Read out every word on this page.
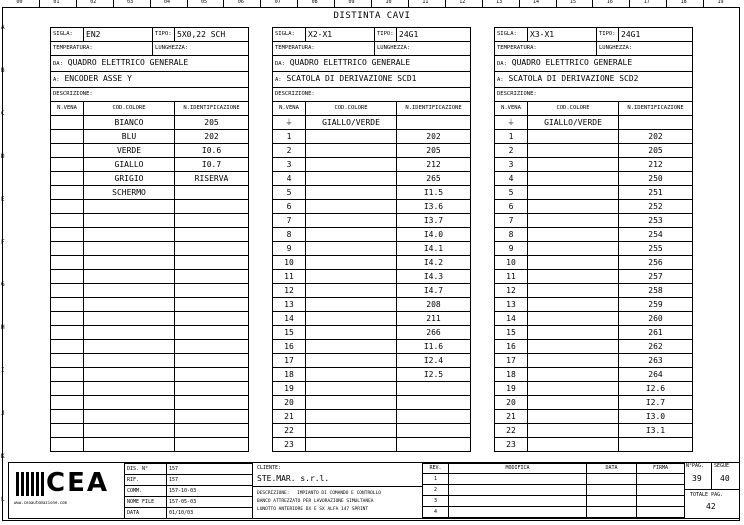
00	01	02	03	04	05	06	07	08	09	10	11	12	13	14	15	16	17	18	19
A
B
C
D
E
F
G
H
I
J
K
L
DISTINTA CAVI
SIGLA:	EN2	TIPO:	5X0,22 SCH
TEMPERATURA:		LUNGHEZZA:	
DA: QUADRO ELETTRICO GENERALE			
A: ENCODER ASSE Y			
DESCRIZIONE:			
N.VENA	COD.COLORE		N.IDENTIFICAZIONE
	BIANCO		205
	BLU		202
	VERDE		I0.6
	GIALLO		I0.7
	GRIGIO		RISERVA
	SCHERMO		

SIGLA:	X2-X1	TIPO:	24G1
TEMPERATURA:		LUNGHEZZA:	
DA: QUADRO ELETTRICO GENERALE			
A: SCATOLA DI DERIVAZIONE SCD1			
DESCRIZIONE:			
N.VENA	COD.COLORE		N.IDENTIFICAZIONE
⏚	GIALLO/VERDE		
1			202
2			205
3			212
4			265
5			I1.5
6			I3.6
7			I3.7
8			I4.0
9			I4.1
10			I4.2
11			I4.3
12			I4.7
13			208
14			211
15			266
16			I1.6
17			I2.4
18			I2.5
19			
20			
21			
22			
23			
SIGLA:	X3-X1	TIPO:	24G1
TEMPERATURA:		LUNGHEZZA:	
DA: QUADRO ELETTRICO GENERALE			
A: SCATOLA DI DERIVAZIONE SCD2			
DESCRIZIONE:			
N.VENA	COD.COLORE		N.IDENTIFICAZIONE
⏚	GIALLO/VERDE		
1			202
2			205
3			212
4			250
5			251
6			252
7			253
8			254
9			255
10			256
11			257
12			258
13			259
14			260
15			261
16			262
17			263
18			264
19			I2.6
20			I2.7
21			I3.0
22			I3.1
23			
CEA
www.ceaautomazione.com
DIS. N°	157
RIF.	157
COMM.	157-10-03
NOME FILE	157-05-03
DATA	01/10/03
CLIENTE:
STE.MAR. s.r.l.
DESCRIZIONE: IMPIANTO DI COMANDO E CONTROLLO
BANCO ATTREZZATO PER LAVORAZIONE SIMULTANEA
LUNOTTO ANTERIORE DX E SX ALFA 147 SPRINT
REV.	MODIFICA	DATA	FIRMA
1			
2			
3			
4			
N°PAG. SEGUE
39 40
TOTALE PAG.
42
